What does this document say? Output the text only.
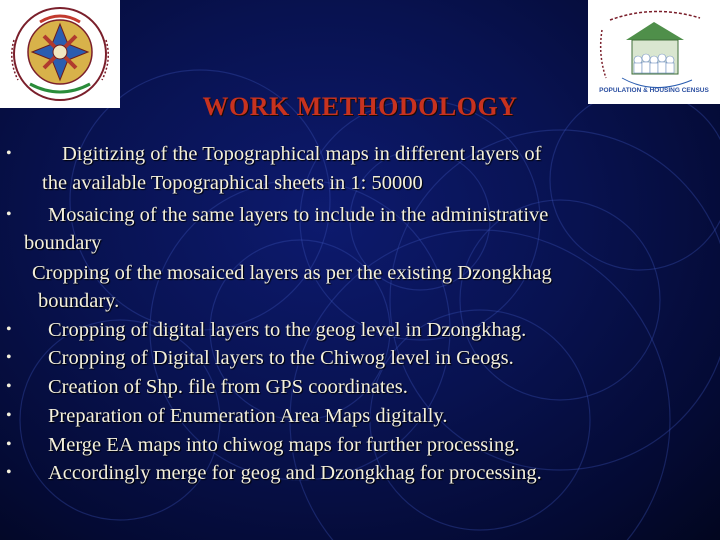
POPULATION & HOUSING CENSUS
WORK METHODOLOGY
• Digitizing of the Topographical maps in different layers of
the available Topographical sheets in 1: 50000
• Mosaicing of the same layers to include in the administrative
boundary
Cropping of the mosaiced layers as per the existing Dzongkhag
boundary.
• Cropping of digital layers to the geog level in Dzongkhag.
• Cropping of Digital layers to the Chiwog level in Geogs.
• Creation of Shp. file from GPS coordinates.
• Preparation of Enumeration Area Maps digitally.
• Merge EA maps into chiwog maps for further processing.
• Accordingly merge for geog and Dzongkhag for processing.
